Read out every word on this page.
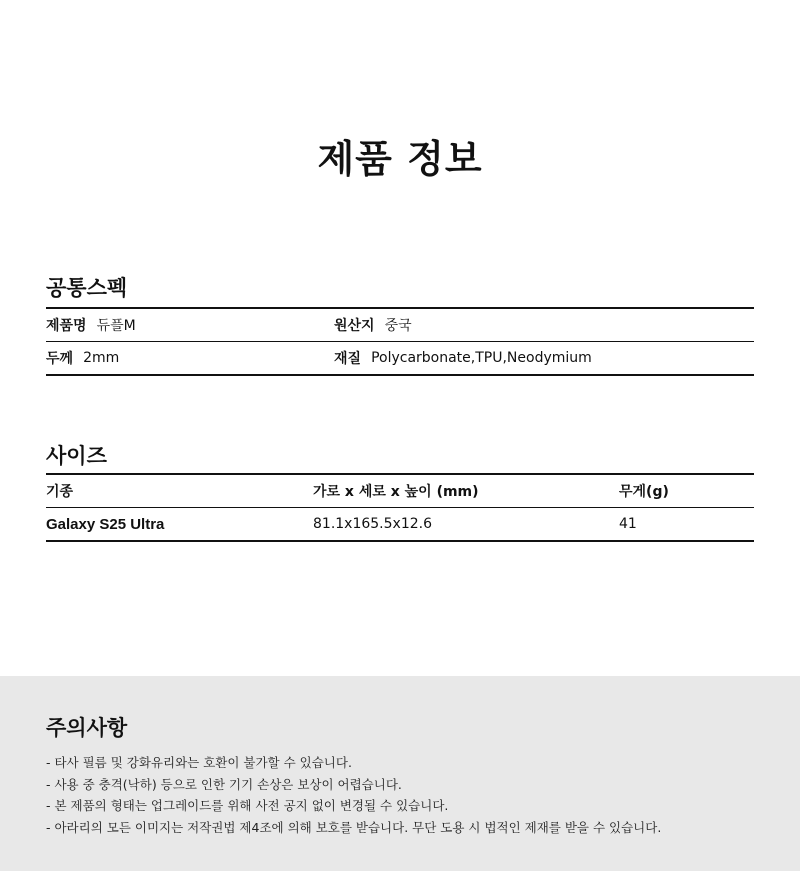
제품 정보
공통스펙
제품명 듀플M	원산지 중국
두께 2mm	재질 Polycarbonate,TPU,Neodymium
사이즈
기종	가로 x 세로 x 높이 (mm)	무게(g)
Galaxy S25 Ultra	81.1x165.5x12.6	41
주의사항
- 타사 필름 및 강화유리와는 호환이 불가할 수 있습니다.
- 사용 중 충격(낙하) 등으로 인한 기기 손상은 보상이 어렵습니다.
- 본 제품의 형태는 업그레이드를 위해 사전 공지 없이 변경될 수 있습니다.
- 아라리의 모든 이미지는 저작권법 제4조에 의해 보호를 받습니다. 무단 도용 시 법적인 제재를 받을 수 있습니다.
